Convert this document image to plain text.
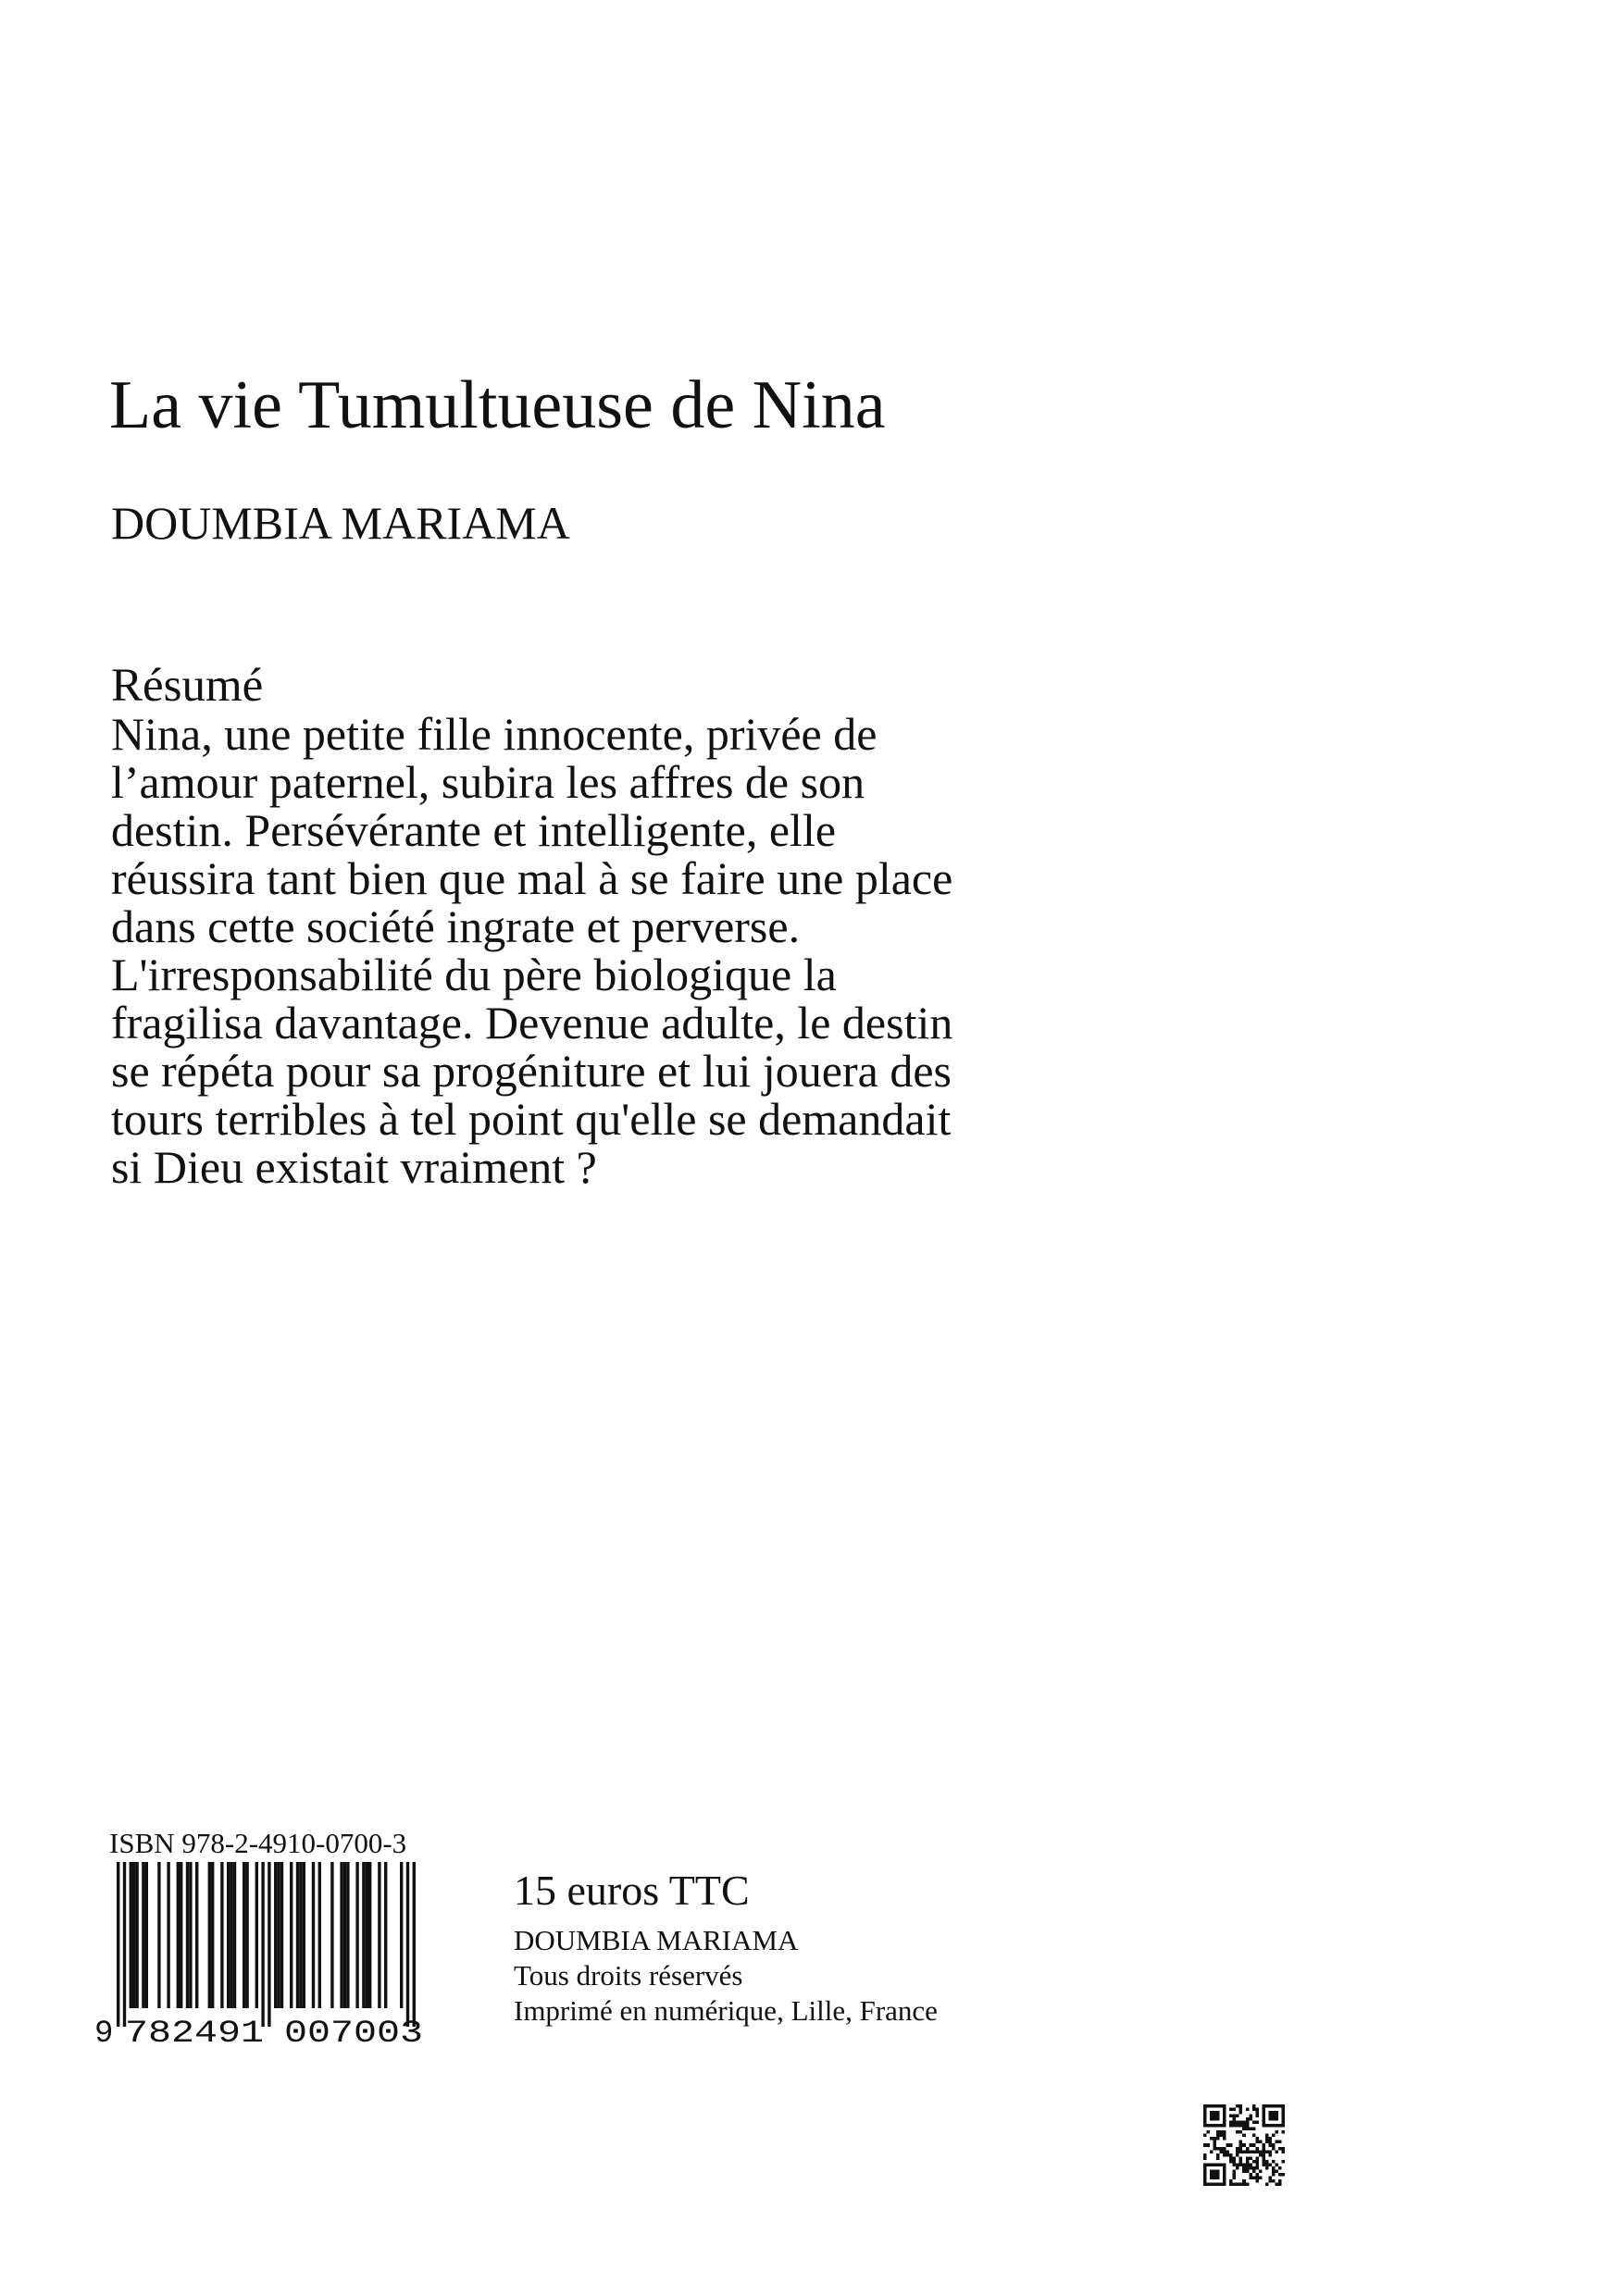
La vie Tumultueuse de Nina
DOUMBIA MARIAMA
Résumé
Nina, une petite fille innocente, privée de
l’amour paternel, subira les affres de son
destin. Persévérante et intelligente, elle
réussira tant bien que mal à se faire une place
dans cette société ingrate et perverse.
L'irresponsabilité du père biologique la
fragilisa davantage. Devenue adulte, le destin
se répéta pour sa progéniture et lui jouera des
tours terribles à tel point qu'elle se demandait
si Dieu existait vraiment ?
ISBN 978-2-4910-0700-3
9 782491 007003
15 euros TTC
DOUMBIA MARIAMA
Tous droits réservés
Imprimé en numérique, Lille, France
